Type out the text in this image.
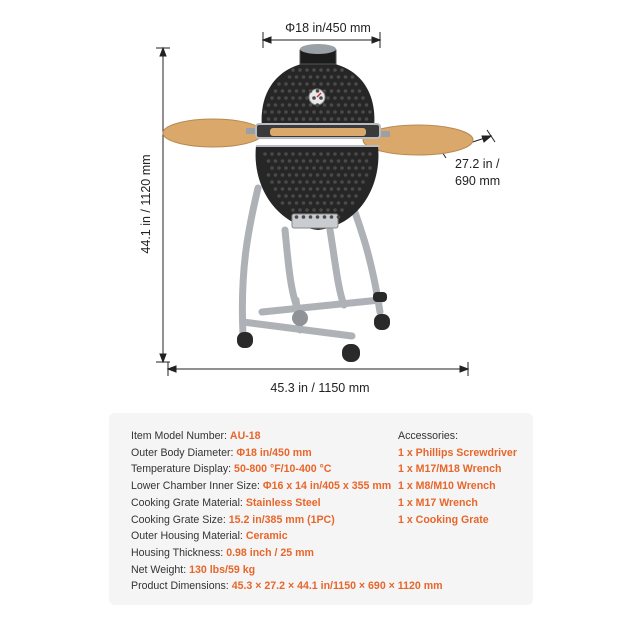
Φ18 in/450 mm
44.1 in / 1120 mm	27.2 in /
690 mm
45.3 in / 1150 mm
Item Model Number: AU-18
Outer Body Diameter: Φ18 in/450 mm
Temperature Display: 50-800 °F/10-400 °C
Lower Chamber Inner Size: Φ16 x 14 in/405 x 355 mm
Cooking Grate Material: Stainless Steel
Cooking Grate Size: 15.2 in/385 mm (1PC)
Outer Housing Material: Ceramic
Housing Thickness: 0.98 inch / 25 mm
Net Weight: 130 lbs/59 kg
Product Dimensions: 45.3 × 27.2 × 44.1 in/1150 × 690 × 1120 mm
Accessories:
1 x Phillips Screwdriver
1 x M17/M18 Wrench
1 x M8/M10 Wrench
1 x M17 Wrench
1 x Cooking Grate
